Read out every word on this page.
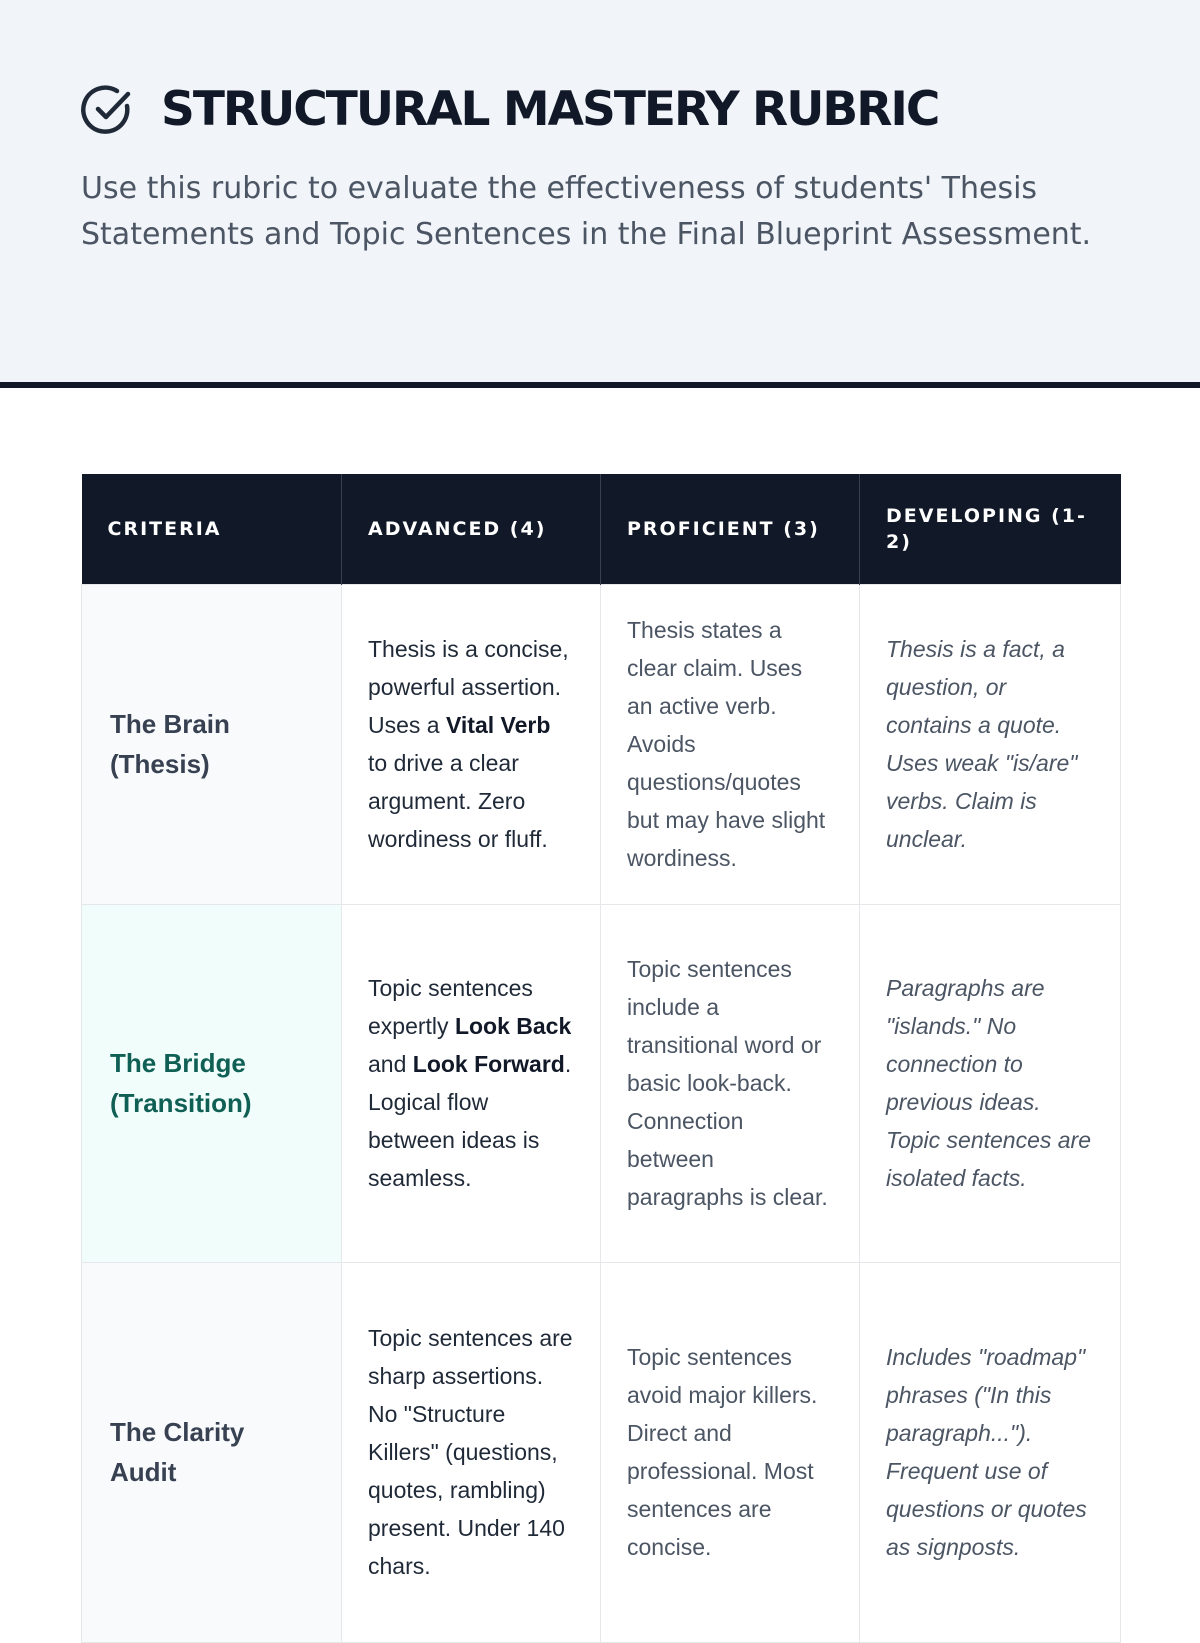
STRUCTURAL MASTERY RUBRIC

Use this rubric to evaluate the effectiveness of students' Thesis Statements and Topic Sentences in the Final Blueprint Assessment.

CRITERIA	ADVANCED (4)	PROFICIENT (3)	DEVELOPING (1-2)
The Brain (Thesis)	Thesis is a concise, powerful assertion. Uses a Vital Verb to drive a clear argument. Zero wordiness or fluff.	Thesis states a clear claim. Uses an active verb. Avoids questions/quotes but may have slight wordiness.	Thesis is a fact, a question, or contains a quote. Uses weak "is/are" verbs. Claim is unclear.
The Bridge (Transition)	Topic sentences expertly Look Back and Look Forward. Logical flow between ideas is seamless.	Topic sentences include a transitional word or basic look-back. Connection between paragraphs is clear.	Paragraphs are "islands." No connection to previous ideas. Topic sentences are isolated facts.
The Clarity Audit	Topic sentences are sharp assertions. No "Structure Killers" (questions, quotes, rambling) present. Under 140 chars.	Topic sentences avoid major killers. Direct and professional. Most sentences are concise.	Includes "roadmap" phrases ("In this paragraph..."). Frequent use of questions or quotes as signposts.
